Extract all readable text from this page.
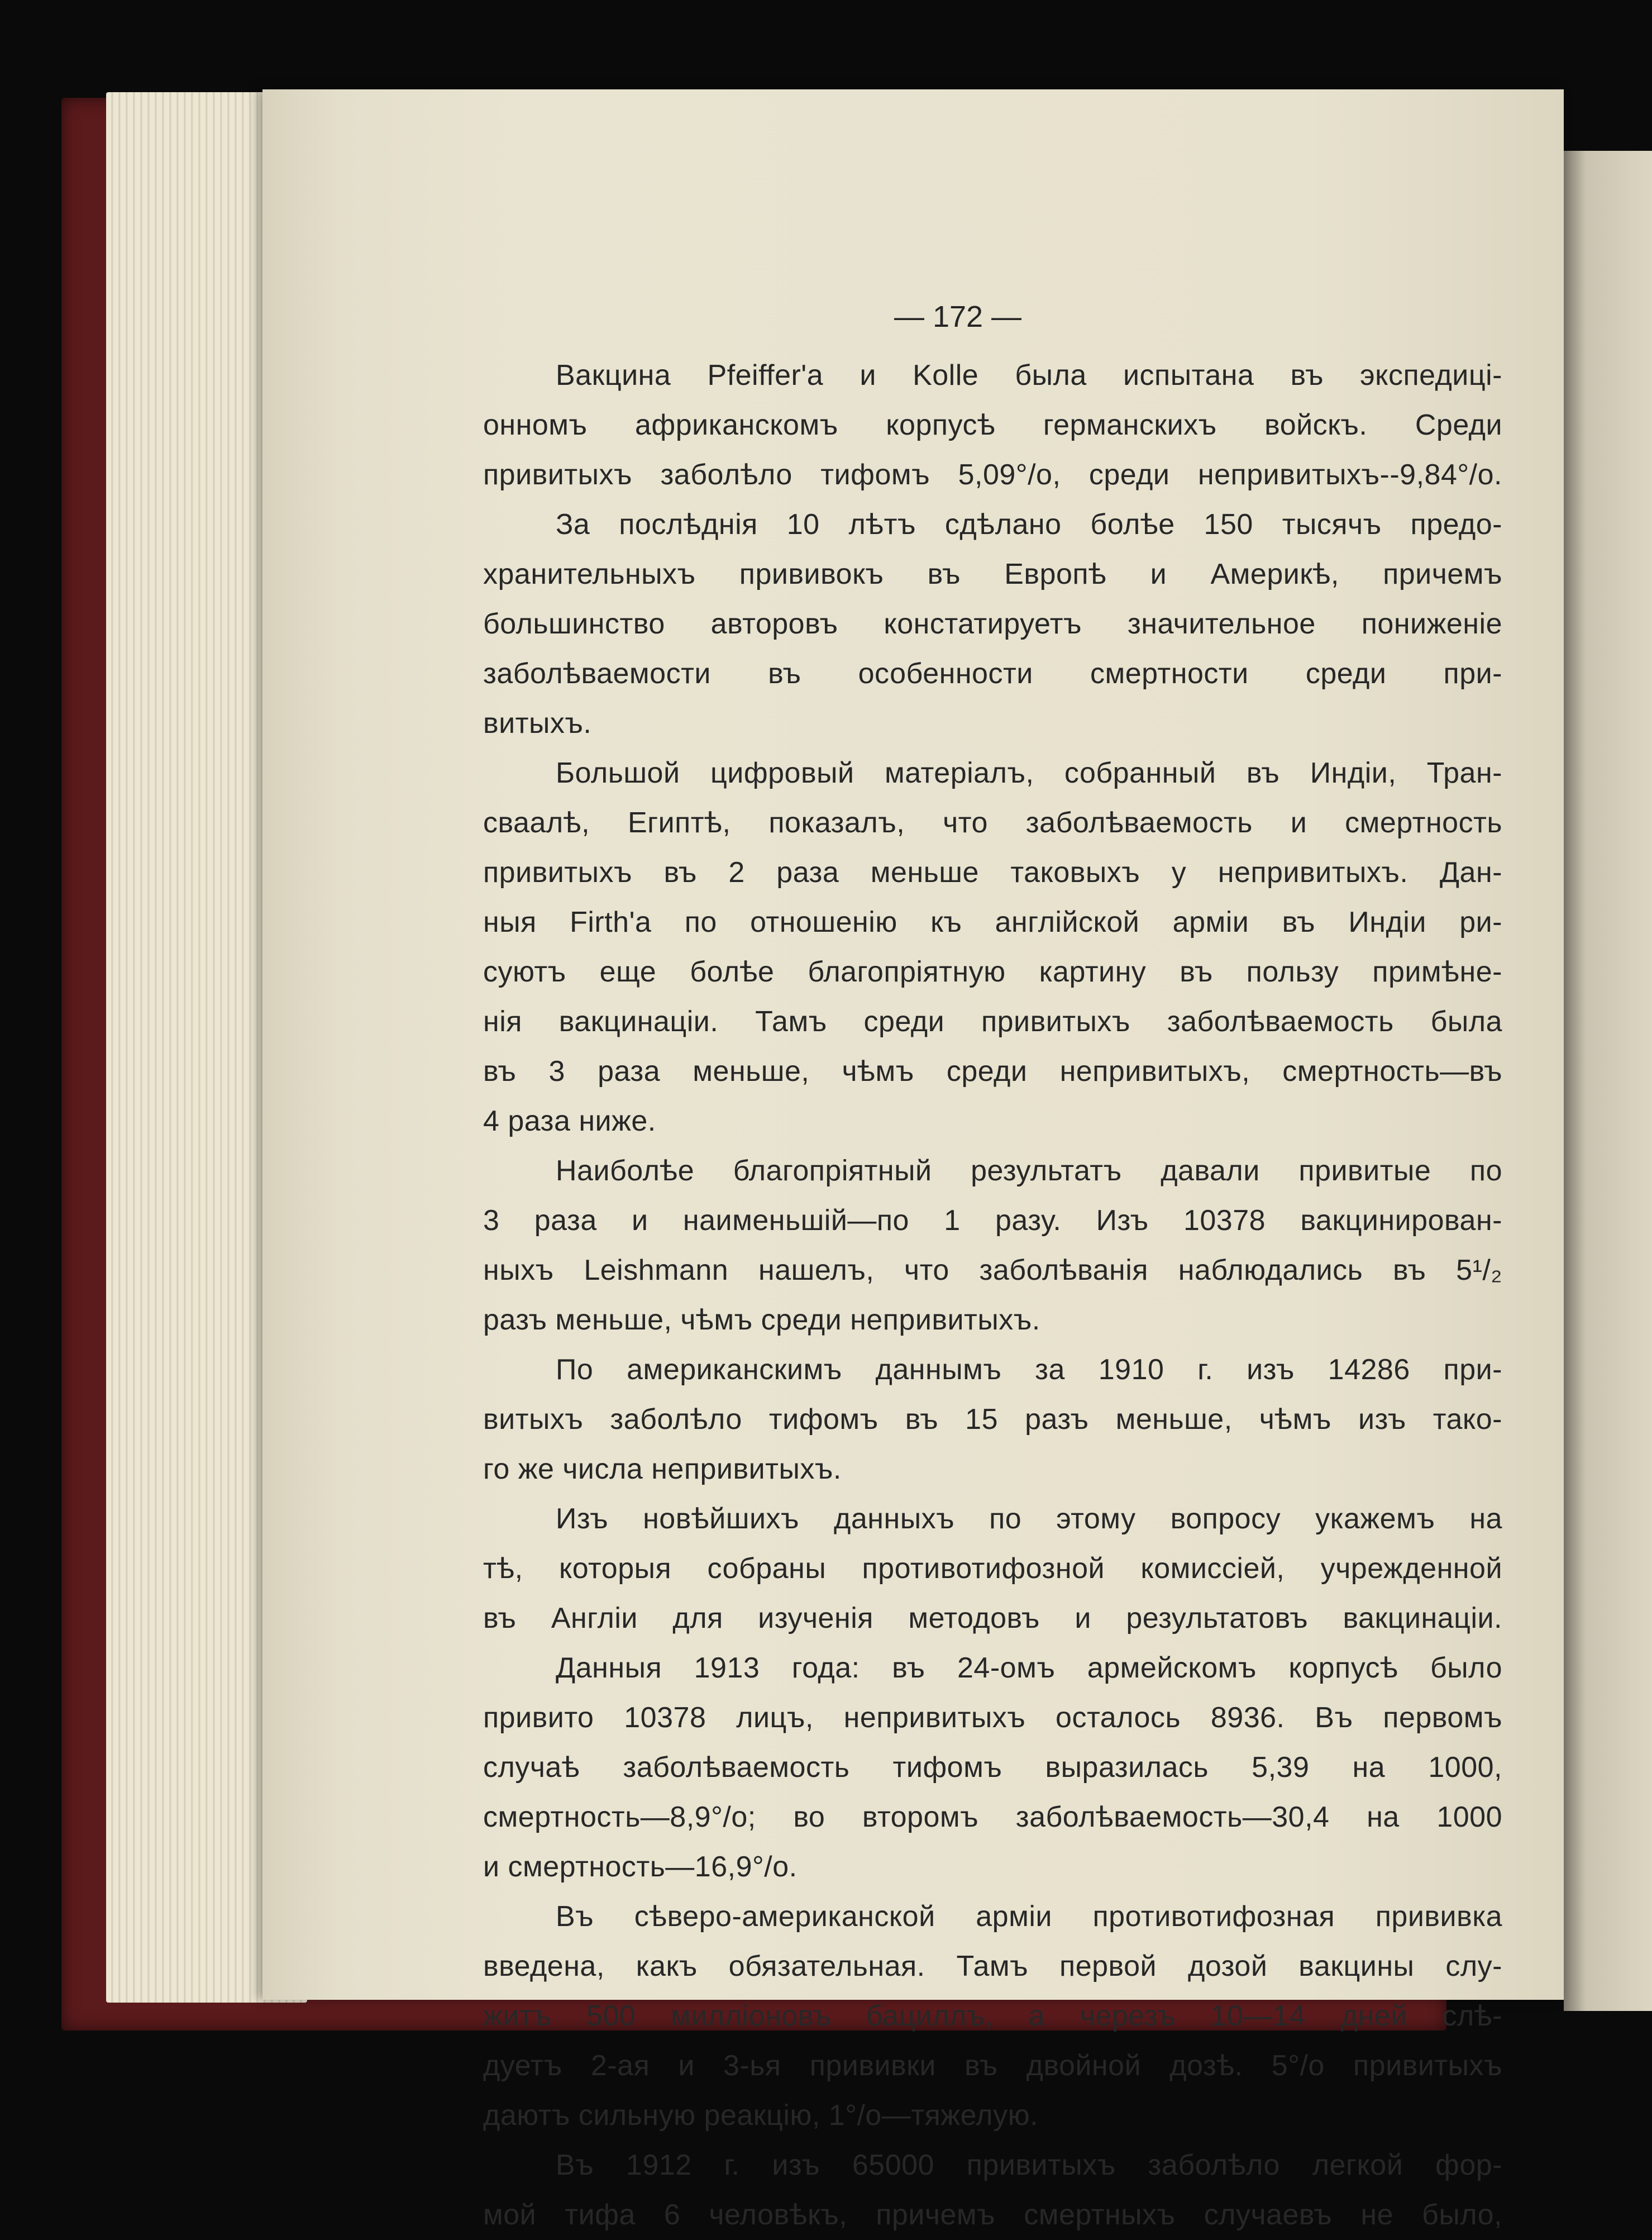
— 172 —

Вакцина Pfeiffer'а и Kolle была испытана въ экспедиці-
онномъ африканскомъ корпусѣ германскихъ войскъ. Среди
привитыхъ заболѣло тифомъ 5,09°/о, среди непривитыхъ--9,84°/о.

За послѣднія 10 лѣтъ сдѣлано болѣе 150 тысячъ предо-
хранительныхъ прививокъ въ Европѣ и Америкѣ, причемъ
большинство авторовъ констатируетъ значительное пониженіе
заболѣваемости въ особенности смертности среди при-
витыхъ.

Большой цифровый матеріалъ, собранный въ Индіи, Тран-
сваалѣ, Египтѣ, показалъ, что заболѣваемость и смертность
привитыхъ въ 2 раза меньше таковыхъ у непривитыхъ. Дан-
ныя Firth'а по отношенію къ англійской арміи въ Индіи ри-
суютъ еще болѣе благопріятную картину въ пользу примѣне-
нія вакцинаціи. Тамъ среди привитыхъ заболѣваемость была
въ 3 раза меньше, чѣмъ среди непривитыхъ, смертность—въ
4 раза ниже.

Наиболѣе благопріятный результатъ давали привитые по
3 раза и наименьшій—по 1 разу. Изъ 10378 вакцинирован-
ныхъ Leishmann нашелъ, что заболѣванія наблюдались въ 5¹/₂
разъ меньше, чѣмъ среди непривитыхъ.

По американскимъ даннымъ за 1910 г. изъ 14286 при-
витыхъ заболѣло тифомъ въ 15 разъ меньше, чѣмъ изъ тако-
го же числа непривитыхъ.

Изъ новѣйшихъ данныхъ по этому вопросу укажемъ на
тѣ, которыя собраны противотифозной комиссіей, учрежденной
въ Англіи для изученія методовъ и результатовъ вакцинаціи.

Данныя 1913 года: въ 24-омъ армейскомъ корпусѣ было
привито 10378 лицъ, непривитыхъ осталось 8936. Въ первомъ
случаѣ заболѣваемость тифомъ выразилась 5,39 на 1000,
смертность—8,9°/о; во второмъ заболѣваемость—30,4 на 1000
и смертность—16,9°/о.

Въ сѣверо-американской арміи противотифозная прививка
введена, какъ обязательная. Тамъ первой дозой вакцины слу-
житъ 500 милліоновъ бациллъ, а черезъ 10—14 дней слѣ-
дуетъ 2-ая и 3-ья прививки въ двойной дозѣ. 5°/о привитыхъ
даютъ сильную реакцію, 1°/о—тяжелую.

Въ 1912 г. изъ 65000 привитыхъ заболѣло легкой фор-
мой тифа 6 человѣкъ, причемъ смертныхъ случаевъ не было,
